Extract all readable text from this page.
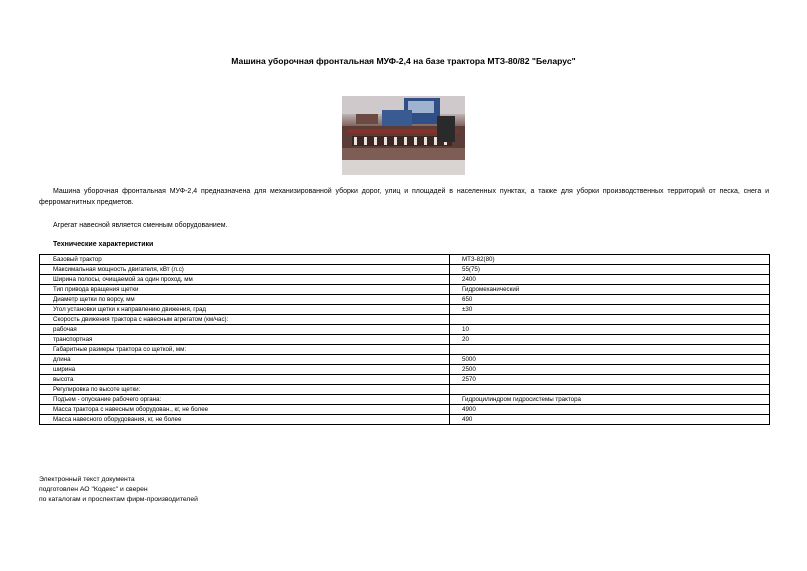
Машина уборочная фронтальная МУФ-2,4 на базе трактора МТЗ-80/82 "Беларус"
Машина уборочная фронтальная МУФ-2,4 предназначена для механизированной уборки дорог, улиц и площадей в населенных пунктах, а также для уборки производственных территорий от песка, снега и ферромагнитных предметов.
Агрегат навесной является сменным оборудованием.
Технические характеристики
Базовый трактор	МТЗ-82(80)
Максимальная мощность двигателя, кВт (л.с)	55(75)
Ширина полосы, очищаемой за один проход, мм	2400
Тип привода вращения щетки	Гидромеханический
Диаметр щетки по ворсу, мм	650
Угол установки щетки к направлению движения, град	±30
Скорость движения трактора с навесным агрегатом (км/час):	
рабочая	10
транспортная	20
Габаритные размеры трактора со щеткой, мм:	
длина	5000
ширина	2500
высота	2570
Регулировка по высоте щетки:	
Подъем - опускание рабочего органа:	Гидроцилиндром гидросистемы трактора
Масса трактора с навесным оборудован., кг, не более	4900
Масса навесного оборудования, кг, не более	490
Электронный текст документа
подготовлен АО "Кодекс" и сверен
по каталогам и проспектам фирм-производителей
